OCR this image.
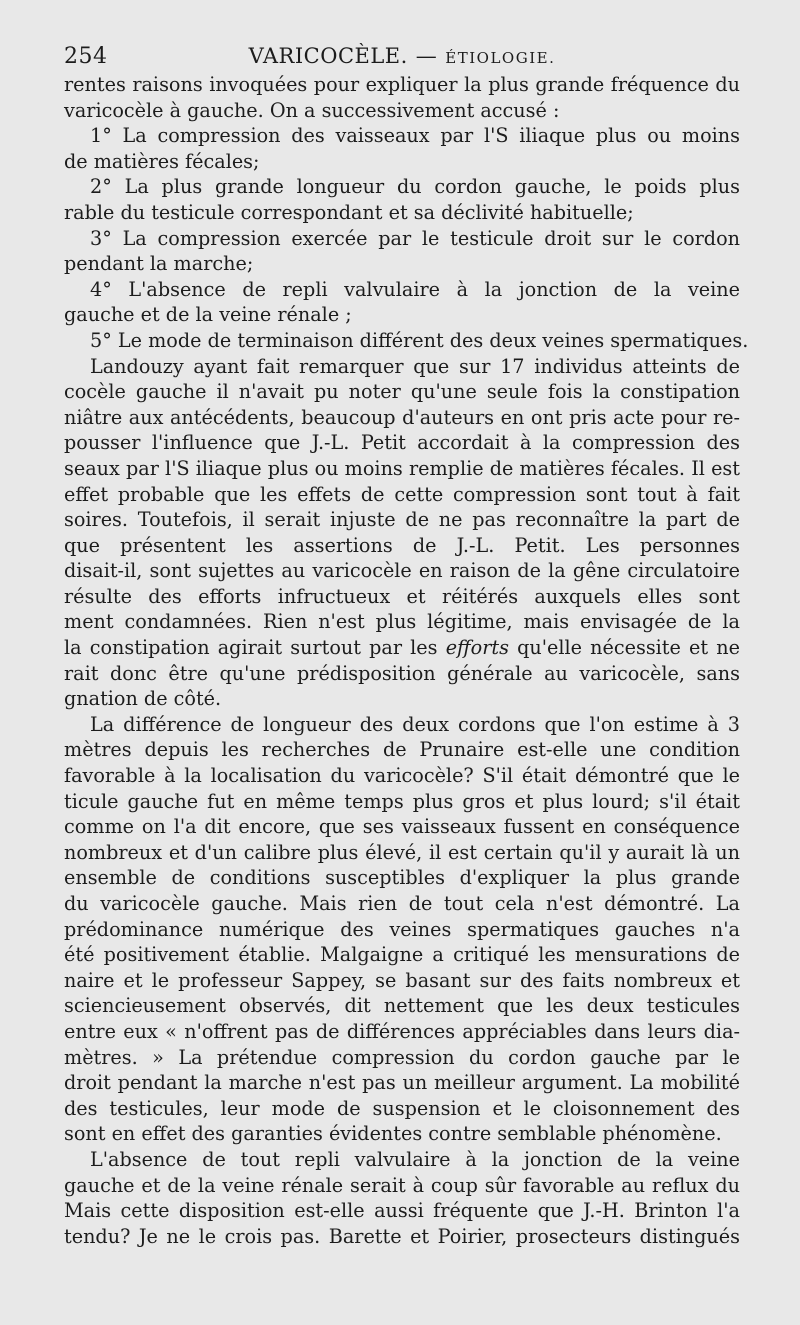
254	VARICOCÈLE. — ÉTIOLOGIE.
rentes raisons invoquées pour expliquer la plus grande fréquence du
varicocèle à gauche. On a successivement accusé :
1° La compression des vaisseaux par l'S iliaque plus ou moins
de matières fécales;
2° La plus grande longueur du cordon gauche, le poids plus
rable du testicule correspondant et sa déclivité habituelle;
3° La compression exercée par le testicule droit sur le cordon
pendant la marche;
4° L'absence de repli valvulaire à la jonction de la veine
gauche et de la veine rénale ;
5° Le mode de terminaison différent des deux veines spermatiques.
Landouzy ayant fait remarquer que sur 17 individus atteints de
cocèle gauche il n'avait pu noter qu'une seule fois la constipation
niâtre aux antécédents, beaucoup d'auteurs en ont pris acte pour re-
pousser l'influence que J.-L. Petit accordait à la compression des
seaux par l'S iliaque plus ou moins remplie de matières fécales. Il est
effet probable que les effets de cette compression sont tout à fait
soires. Toutefois, il serait injuste de ne pas reconnaître la part de
que présentent les assertions de J.-L. Petit. Les personnes
disait-il, sont sujettes au varicocèle en raison de la gêne circulatoire
résulte des efforts infructueux et réitérés auxquels elles sont
ment condamnées. Rien n'est plus légitime, mais envisagée de la
la constipation agirait surtout par les efforts qu'elle nécessite et ne
rait donc être qu'une prédisposition générale au varicocèle, sans
gnation de côté.
La différence de longueur des deux cordons que l'on estime à 3
mètres depuis les recherches de Prunaire est-elle une condition
favorable à la localisation du varicocèle? S'il était démontré que le
ticule gauche fut en même temps plus gros et plus lourd; s'il était
comme on l'a dit encore, que ses vaisseaux fussent en conséquence
nombreux et d'un calibre plus élevé, il est certain qu'il y aurait là un
ensemble de conditions susceptibles d'expliquer la plus grande
du varicocèle gauche. Mais rien de tout cela n'est démontré. La
prédominance numérique des veines spermatiques gauches n'a
été positivement établie. Malgaigne a critiqué les mensurations de
naire et le professeur Sappey, se basant sur des faits nombreux et
sciencieusement observés, dit nettement que les deux testicules
entre eux « n'offrent pas de différences appréciables dans leurs dia-
mètres. » La prétendue compression du cordon gauche par le
droit pendant la marche n'est pas un meilleur argument. La mobilité
des testicules, leur mode de suspension et le cloisonnement des
sont en effet des garanties évidentes contre semblable phénomène.
L'absence de tout repli valvulaire à la jonction de la veine
gauche et de la veine rénale serait à coup sûr favorable au reflux du
Mais cette disposition est-elle aussi fréquente que J.-H. Brinton l'a
tendu? Je ne le crois pas. Barette et Poirier, prosecteurs distingués
